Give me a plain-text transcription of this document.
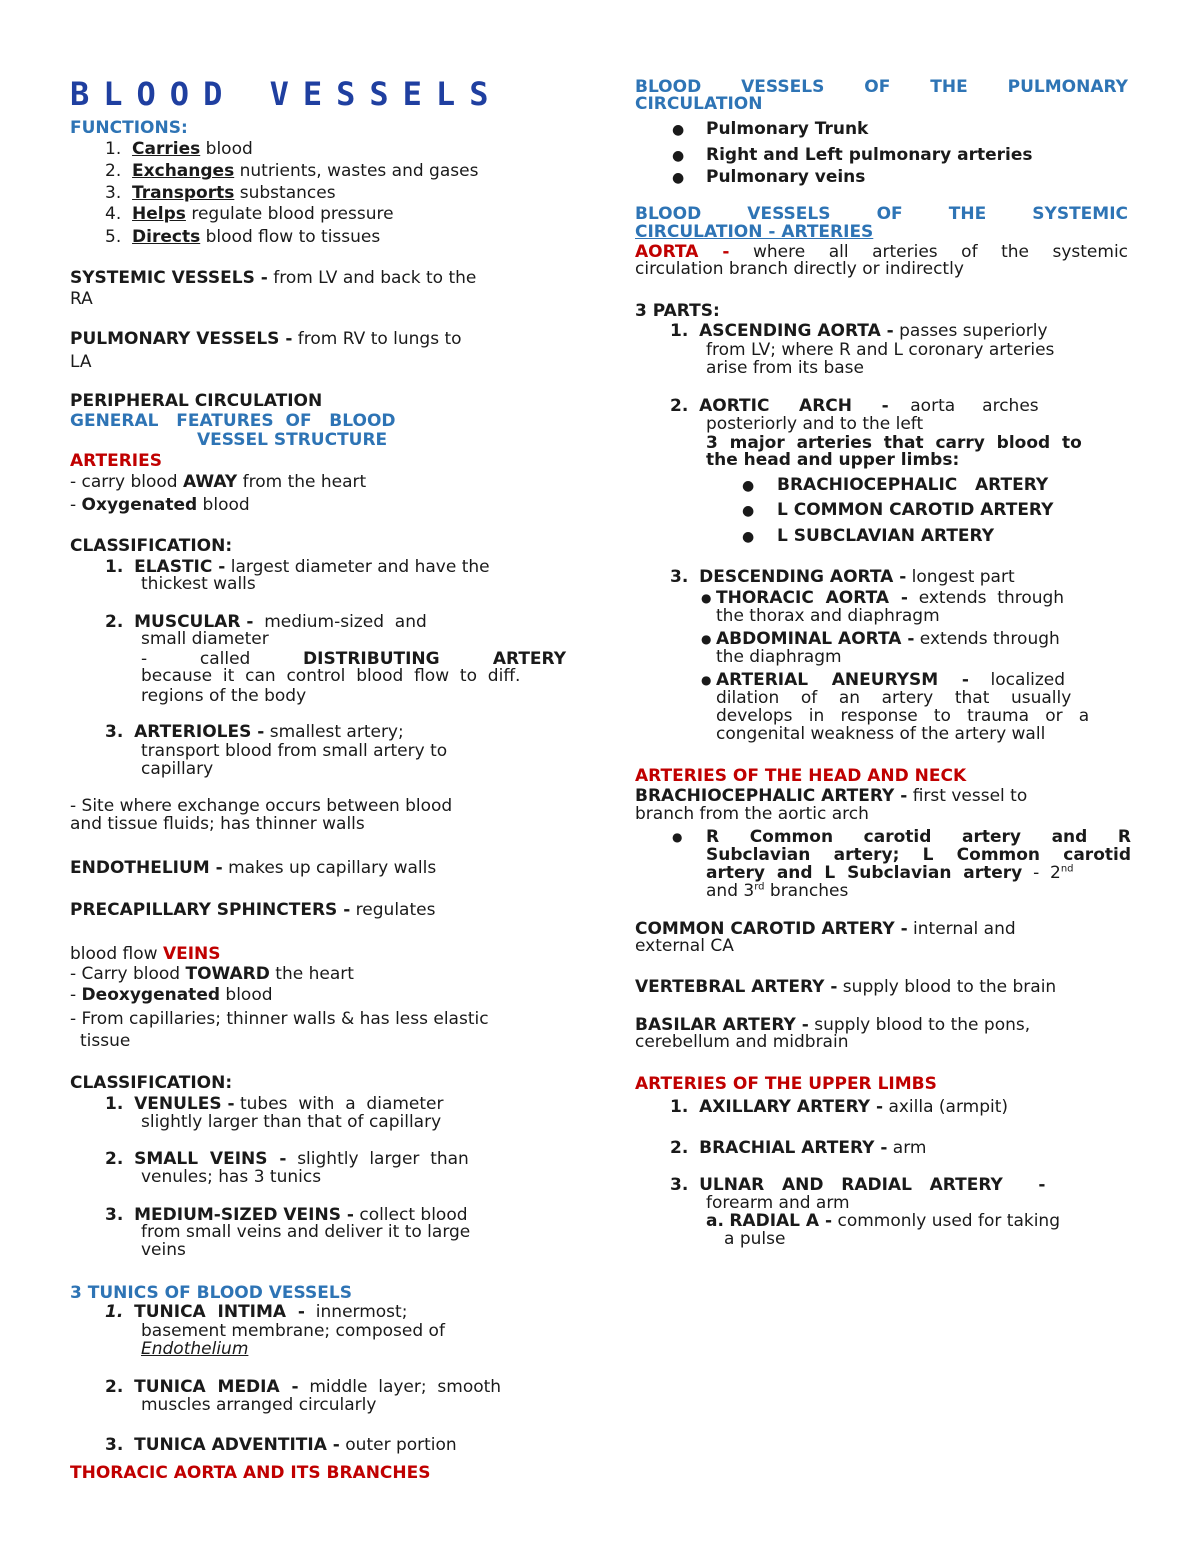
BLOOD VESSELS
FUNCTIONS:
1. Carries blood
2. Exchanges nutrients, wastes and gases
3. Transports substances
4. Helps regulate blood pressure
5. Directs blood flow to tissues
SYSTEMIC VESSELS - from LV and back to the
RA
PULMONARY VESSELS - from RV to lungs to
LA
PERIPHERAL CIRCULATION
GENERAL   FEATURES  OF   BLOOD
VESSEL STRUCTURE
ARTERIES
- carry blood AWAY from the heart
- Oxygenated blood
CLASSIFICATION:
1. ELASTIC - largest diameter and have the
thickest walls
2. MUSCULAR -  medium-sized  and
small diameter
- called DISTRIBUTING ARTERY
because  it  can  control  blood  flow  to  diff.
regions of the body
3. ARTERIOLES - smallest artery;
transport blood from small artery to
capillary
- Site where exchange occurs between blood
and tissue fluids; has thinner walls
ENDOTHELIUM - makes up capillary walls
PRECAPILLARY SPHINCTERS - regulates
blood flow VEINS
- Carry blood TOWARD the heart
- Deoxygenated blood
- From capillaries; thinner walls & has less elastic
tissue
CLASSIFICATION:
1. VENULES - tubes  with  a  diameter
slightly larger than that of capillary
2. SMALL  VEINS  -  slightly  larger  than
venules; has 3 tunics
3. MEDIUM-SIZED VEINS - collect blood
from small veins and deliver it to large
veins
3 TUNICS OF BLOOD VESSELS
1. TUNICA  INTIMA  -  innermost;
basement membrane; composed of
Endothelium
2. TUNICA  MEDIA  -  middle  layer;  smooth
muscles arranged circularly
3. TUNICA ADVENTITIA - outer portion
THORACIC AORTA AND ITS BRANCHES
BLOOD VESSELS OF THE PULMONARY
CIRCULATION
● Pulmonary Trunk
● Right and Left pulmonary arteries
● Pulmonary veins
BLOOD VESSELS OF THE SYSTEMIC
CIRCULATION - ARTERIES
AORTA - where all arteries of the systemic
circulation branch directly or indirectly
3 PARTS:
1. ASCENDING AORTA - passes superiorly
from LV; where R and L coronary arteries
arise from its base
2. AORTIC     ARCH     -    aorta     arches
posteriorly and to the left
3  major  arteries  that  carry  blood  to
the head and upper limbs:
● BRACHIOCEPHALIC   ARTERY
● L COMMON CAROTID ARTERY
● L SUBCLAVIAN ARTERY
3. DESCENDING AORTA - longest part
● THORACIC  AORTA  -  extends  through
the thorax and diaphragm
● ABDOMINAL AORTA - extends through
the diaphragm
● ARTERIAL    ANEURYSM    -    localized
dilation    of    an    artery    that    usually
develops   in   response   to   trauma   or   a
congenital weakness of the artery wall
ARTERIES OF THE HEAD AND NECK
BRACHIOCEPHALIC ARTERY - first vessel to
branch from the aortic arch
● R Common carotid artery and R
Subclavian artery; L Common carotid
artery  and  L  Subclavian  artery  -  2nd
and 3rd branches
COMMON CAROTID ARTERY - internal and
external CA
VERTEBRAL ARTERY - supply blood to the brain
BASILAR ARTERY - supply blood to the pons,
cerebellum and midbrain
ARTERIES OF THE UPPER LIMBS
1. AXILLARY ARTERY - axilla (armpit)
2. BRACHIAL ARTERY - arm
3. ULNAR   AND   RADIAL   ARTERY      -
forearm and arm
a. RADIAL A - commonly used for taking
a pulse
